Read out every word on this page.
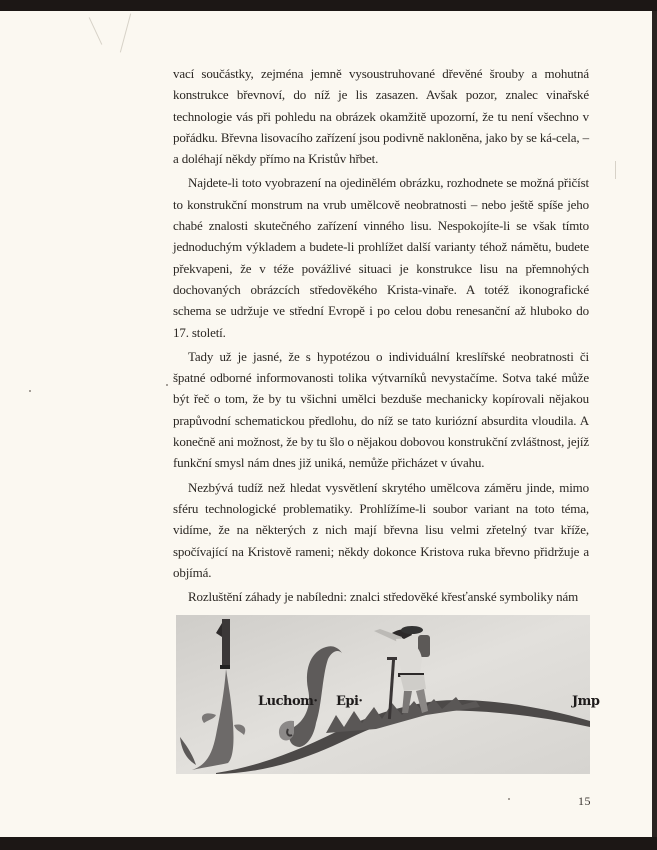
vací součástky, zejména jemně vysoustruhované dřevěné šrouby a mohutná konstrukce břevnoví, do níž je lis zasazen. Avšak pozor, znalec vinařské technologie vás při pohledu na obrázek okamžitě upozorní, že tu není všechno v pořádku. Břevna lisovacího zařízení jsou podivně nakloněna, jako by se ká-cela, – a doléhají někdy přímo na Kristův hřbet.

Najdete-li toto vyobrazení na ojedinělém obrázku, rozhodnete se možná přičíst to konstrukční monstrum na vrub umělcově neobratnosti – nebo ještě spíše jeho chabé znalosti skutečného zařízení vinného lisu. Nespokojíte-li se však tímto jednoduchým výkladem a budete-li prohlížet další varianty téhož námětu, budete překvapeni, že v téže povážlivé situaci je konstrukce lisu na přemnohých dochovaných obrázcích středověkého Krista-vinaře. A totéž ikonografické schema se udržuje ve střední Evropě i po celou dobu renesanční až hluboko do 17. století.

Tady už je jasné, že s hypotézou o individuální kreslířské neobratnosti či špatné odborné informovanosti tolika výtvarníků nevystačíme. Sotva také může být řeč o tom, že by tu všichni umělci bezduše mechanicky kopírovali nějakou prapůvodní schematickou předlohu, do níž se tato kuriózní absurdita vloudila. A konečně ani možnost, že by tu šlo o nějakou dobovou konstrukční zvláštnost, jejíž funkční smysl nám dnes již uniká, nemůže přicházet v úvahu.

Nezbývá tudíž než hledat vysvětlení skrytého umělcova záměru jinde, mimo sféru technologické problematiky. Prohlížíme-li soubor variant na toto téma, vidíme, že na některých z nich mají břevna lisu velmi zřetelný tvar kříže, spočívající na Kristově rameni; někdy dokonce Kristova ruka břevno přidržuje a objímá.

Rozluštění záhady je nabíledni: znalci středověké křesťanské symboliky nám

Luchom· Epi·	Jmp
15
